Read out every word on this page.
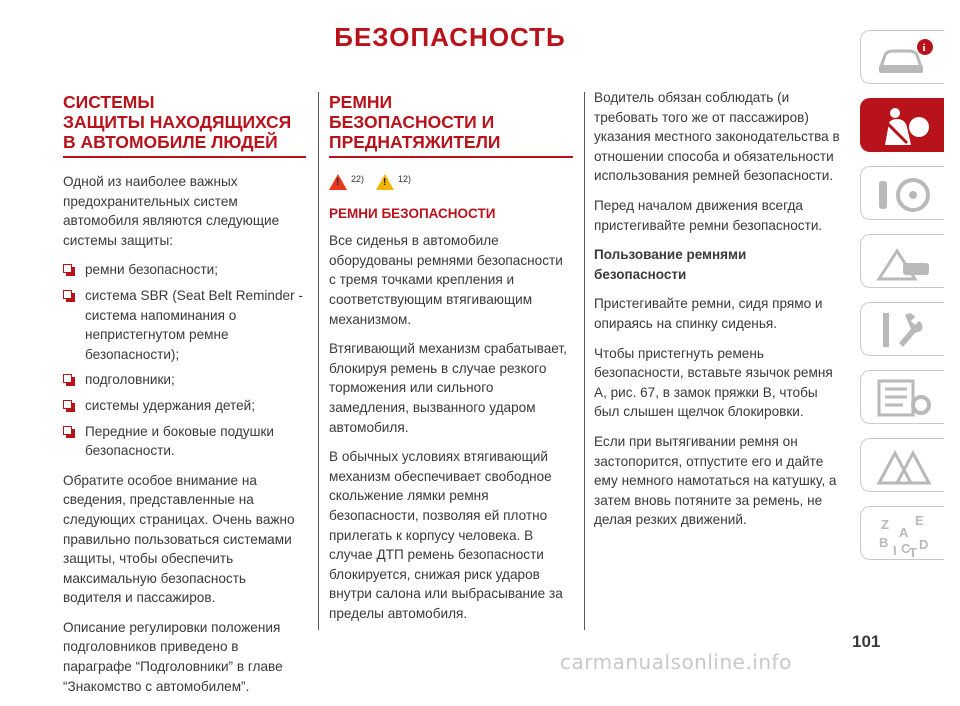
БЕЗОПАСНОСТЬ
СИСТЕМЫ
ЗАЩИТЫ НАХОДЯЩИХСЯ
В АВТОМОБИЛЕ ЛЮДЕЙ

Одной из наиболее важных предохранительных систем автомобиля являются следующие системы защиты:

ремни безопасности;
система SBR (Seat Belt Reminder - система напоминания о непристегнутом ремне безопасности);
подголовники;
системы удержания детей;
Передние и боковые подушки безопасности.

Обратите особое внимание на сведения, представленные на следующих страницах. Очень важно правильно пользоваться системами защиты, чтобы обеспечить максимальную безопасность водителя и пассажиров.

Описание регулировки положения подголовников приведено в параграфе “Подголовники” в главе “Знакомство с автомобилем”.

РЕМНИ
БЕЗОПАСНОСТИ И
ПРЕДНАТЯЖИТЕЛИ
! 22) ! 12)
РЕМНИ БЕЗОПАСНОСТИ

Все сиденья в автомобиле оборудованы ремнями безопасности с тремя точками крепления и соответствующим втягивающим механизмом.

Втягивающий механизм срабатывает, блокируя ремень в случае резкого торможения или сильного замедления, вызванного ударом автомобиля.

В обычных условиях втягивающий механизм обеспечивает свободное скольжение лямки ремня безопасности, позволяя ей плотно прилегать к корпусу человека. В случае ДТП ремень безопасности блокируется, снижая риск ударов внутри салона или выбрасывание за пределы автомобиля.

Водитель обязан соблюдать (и требовать того же от пассажиров) указания местного законодательства в отношении способа и обязательности использования ремней безопасности.

Перед началом движения всегда пристегивайте ремни безопасности.

Пользование ремнями
безопасности

Пристегивайте ремни, сидя прямо и опираясь на спинку сиденья.

Чтобы пристегнуть ремень безопасности, вставьте язычок ремня A, рис. 67, в замок пряжки B, чтобы был слышен щелчок блокировки.

Если при вытягивании ремня он застопорится, отпустите его и дайте ему немного намотаться на катушку, а затем вновь потяните за ремень, не делая резких движений.

i
Z E
B
A
D
I C
T
101
carmanualsonline.info
